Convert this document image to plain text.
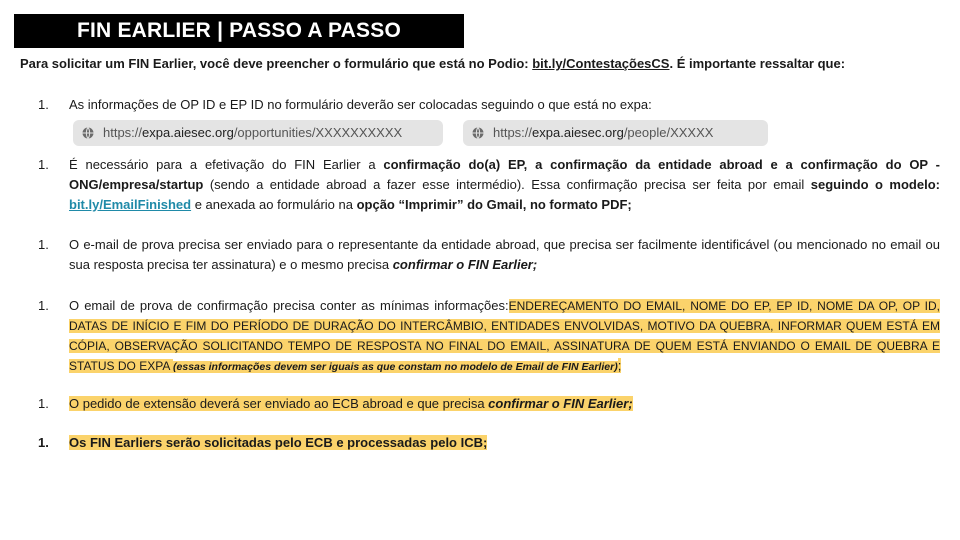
FIN EARLIER | PASSO A PASSO
Para solicitar um FIN Earlier, você deve preencher o formulário que está no Podio: bit.ly/ContestaçõesCS. É importante ressaltar que:
1.	As informações de OP ID e EP ID no formulário deverão ser colocadas seguindo o que está no expa:
https://expa.aiesec.org/opportunities/XXXXXXXXXX	https://expa.aiesec.org/people/XXXXX
1.	É necessário para a efetivação do FIN Earlier a confirmação do(a) EP, a confirmação da entidade abroad e a confirmação do OP - ONG/empresa/startup (sendo a entidade abroad a fazer esse intermédio). Essa confirmação precisa ser feita por email seguindo o modelo: bit.ly/EmailFinished e anexada ao formulário na opção “Imprimir” do Gmail, no formato PDF;
1.	O e-mail de prova precisa ser enviado para o representante da entidade abroad, que precisa ser facilmente identificável (ou mencionado no email ou sua resposta precisa ter assinatura) e o mesmo precisa confirmar o FIN Earlier;
1.	O email de prova de confirmação precisa conter as mínimas informações:ENDEREÇAMENTO DO EMAIL, NOME DO EP, EP ID, NOME DA OP, OP ID, DATAS DE INÍCIO E FIM DO PERÍODO DE DURAÇÃO DO INTERCÂMBIO, ENTIDADES ENVOLVIDAS, MOTIVO DA QUEBRA, INFORMAR QUEM ESTÁ EM CÓPIA, OBSERVAÇÃO SOLICITANDO TEMPO DE RESPOSTA NO FINAL DO EMAIL, ASSINATURA DE QUEM ESTÁ ENVIANDO O EMAIL DE QUEBRA E STATUS DO EXPA (essas informações devem ser iguais as que constam no modelo de Email de FIN Earlier);
1.	O pedido de extensão deverá ser enviado ao ECB abroad e que precisa confirmar o FIN Earlier;
1.	Os FIN Earliers serão solicitadas pelo ECB e processadas pelo ICB;
